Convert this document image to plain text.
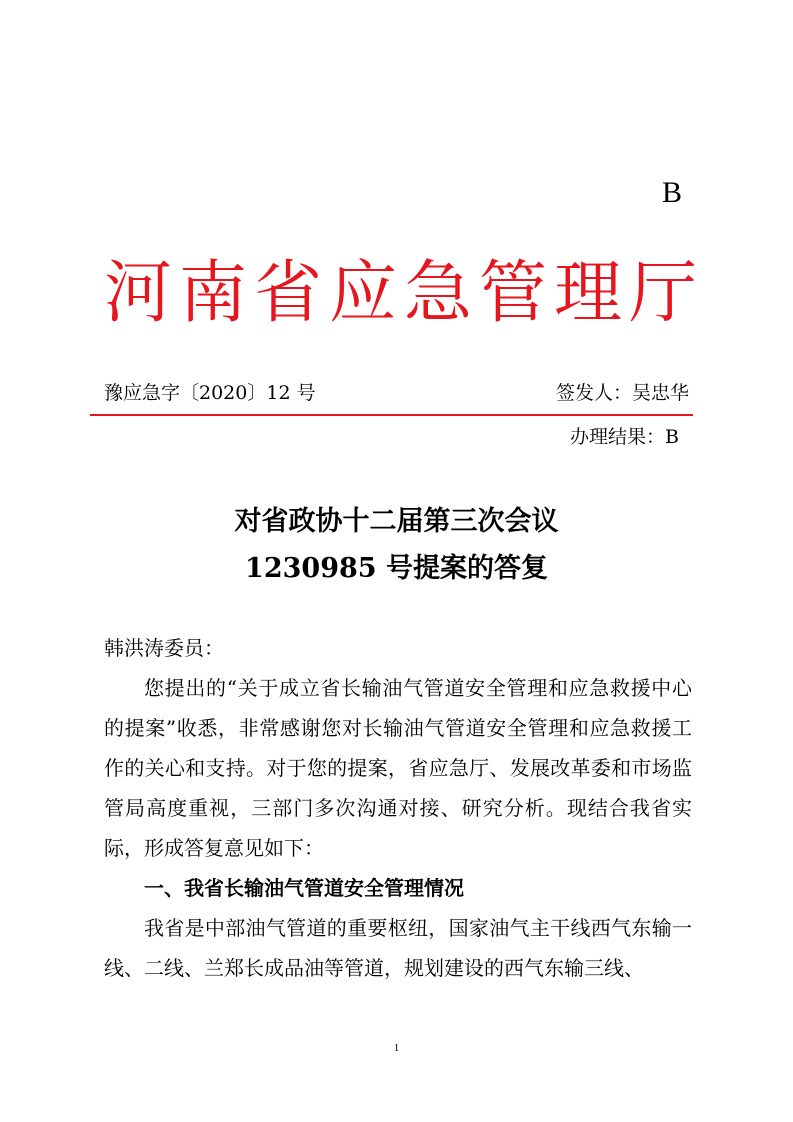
B
河南省应急管理厅
豫应急字〔2020〕12 号	签发人：吴忠华
办理结果：B
对省政协十二届第三次会议
1230985 号提案的答复

韩洪涛委员：

您提出的“关于成立省长输油气管道安全管理和应急救援中心的提案”收悉，非常感谢您对长输油气管道安全管理和应急救援工作的关心和支持。对于您的提案，省应急厅、发展改革委和市场监管局高度重视，三部门多次沟通对接、研究分析。现结合我省实际，形成答复意见如下：

一、我省长输油气管道安全管理情况

我省是中部油气管道的重要枢纽，国家油气主干线西气东输一线、二线、兰郑长成品油等管道，规划建设的西气东输三线、

1
